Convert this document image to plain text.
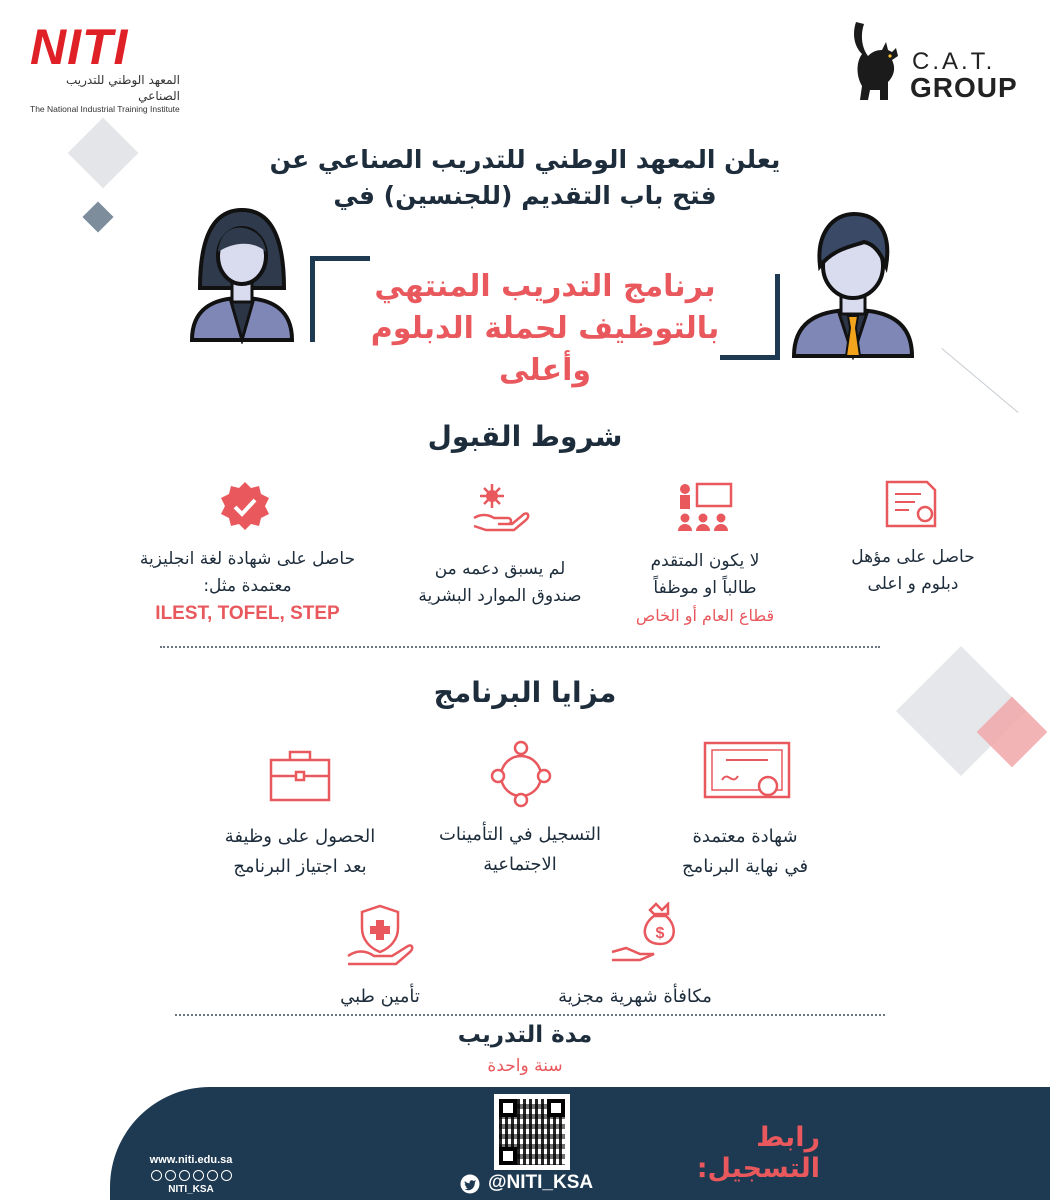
NITI
المعهد الوطني للتدريب الصناعي
The National Industrial Training Institute
C.A.T.
GROUP
يعلن المعهد الوطني للتدريب الصناعي عن
فتح باب التقديم (للجنسين) في
برنامج التدريب المنتهي
بالتوظيف لحملة الدبلوم وأعلى
شروط القبول
حاصل على مؤهل
دبلوم و اعلى
لا يكون المتقدم
طالباً او موظفاً
قطاع العام أو الخاص
لم يسبق دعمه من
صندوق الموارد البشرية
حاصل على شهادة لغة انجليزية
معتمدة مثل:
ILEST, TOFEL, STEP
مزايا البرنامج
شهادة معتمدة
في نهاية البرنامج
التسجيل في التأمينات
الاجتماعية
الحصول على وظيفة
بعد اجتياز البرنامج
$
مكافأة شهرية مجزية
تأمين طبي
مدة التدريب
سنة واحدة
رابط التسجيل:
@NITI_KSA
www.niti.edu.sa
NITI_KSA
